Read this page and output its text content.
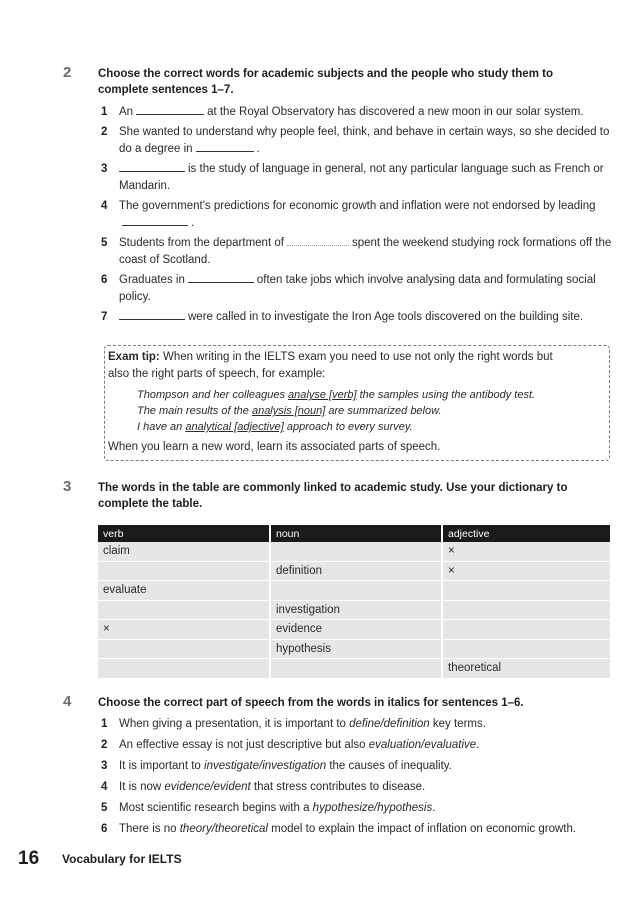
2 Choose the correct words for academic subjects and the people who study them to complete sentences 1–7.
1 An	at the Royal Observatory has discovered a new moon in our solar system.
2 She wanted to understand why people feel, think, and behave in certain ways, so she decided to do a degree in	.
3	is the study of language in general, not any particular language such as French or Mandarin.
4 The government's predictions for economic growth and inflation were not endorsed by leading.
5 Students from the department of	spent the weekend studying rock formations off the coast of Scotland.
6 Graduates in	often take jobs which involve analysing data and formulating social policy.
7	were called in to investigate the Iron Age tools discovered on the building site.
Exam tip: When writing in the IELTS exam you need to use not only the right words but
also the right parts of speech, for example:
Thompson and her colleagues analyse [verb] the samples using the antibody test.
The main results of the analysis [noun] are summarized below.
I have an analytical [adjective] approach to every survey.
When you learn a new word, learn its associated parts of speech.
3 The words in the table are commonly linked to academic study. Use your dictionary to complete the table.
verb	noun	adjective
claim		×
	definition	×
evaluate		
	investigation	
×	evidence	
	hypothesis	
		theoretical
4 Choose the correct part of speech from the words in italics for sentences 1–6.
1 When giving a presentation, it is important to define/definition key terms.
2 An effective essay is not just descriptive but also evaluation/evaluative.
3 It is important to investigate/investigation the causes of inequality.
4 It is now evidence/evident that stress contributes to disease.
5 Most scientific research begins with a hypothesize/hypothesis.
6 There is no theory/theoretical model to explain the impact of inflation on economic growth.
16 Vocabulary for IELTS
